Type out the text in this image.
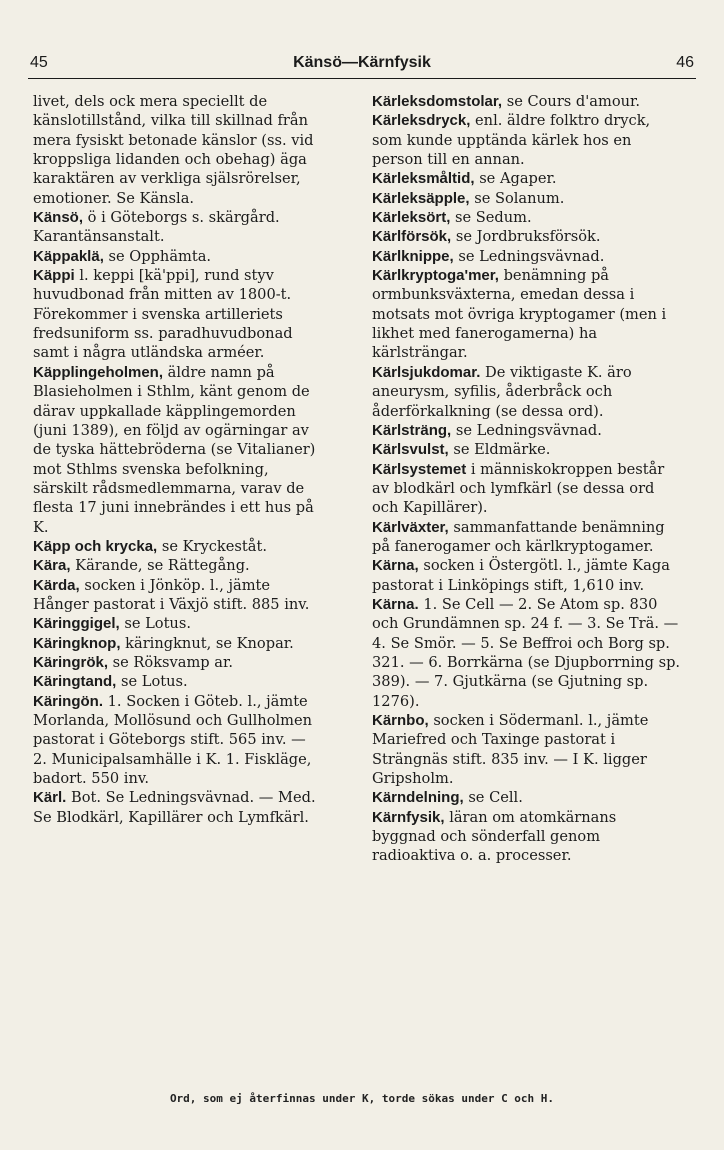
45	Känsö—Kärnfysik	46
livet, dels ock mera speciellt de känslotillstånd, vilka till skillnad från mera fysiskt betonade känslor (ss. vid kroppsliga lidanden och obehag) äga karaktären av verkliga själsrörelser, emotioner. Se Känsla.
Känsö, ö i Göteborgs s. skärgård. Karantänsanstalt.
Käppaklä, se Opphämta.
Käppi l. keppi [kä'ppi], rund styv huvudbonad från mitten av 1800-t. Förekommer i svenska artilleriets fredsuniform ss. paradhuvudbonad samt i några utländska arméer.
Käpplingeholmen, äldre namn på Blasieholmen i Sthlm, känt genom de därav uppkallade käpplingemorden (juni 1389), en följd av ogärningar av de tyska hättebröderna (se Vitalianer) mot Sthlms svenska befolkning, särskilt rådsmedlemmarna, varav de flesta 17 juni innebrändes i ett hus på K.
Käpp och krycka, se Kryckeståt.
Kära, Kärande, se Rättegång.
Kärda, socken i Jönköp. l., jämte Hånger pastorat i Växjö stift. 885 inv.
Käringgigel, se Lotus.
Käringknop, käringknut, se Knopar.
Käringrök, se Röksvamp ar.
Käringtand, se Lotus.
Käringön. 1. Socken i Göteb. l., jämte Morlanda, Mollösund och Gullholmen pastorat i Göteborgs stift. 565 inv. — 2. Municipalsamhälle i K. 1. Fiskläge, badort. 550 inv.
Kärl. Bot. Se Ledningsvävnad. — Med. Se Blodkärl, Kapillärer och Lymfkärl.
Kärleksdomstolar, se Cours d'amour.
Kärleksdryck, enl. äldre folktro dryck, som kunde upptända kärlek hos en person till en annan.
Kärleksmåltid, se Agaper.
Kärleksäpple, se Solanum.
Kärleksört, se Sedum.
Kärlförsök, se Jordbruksförsök.
Kärlknippe, se Ledningsvävnad.
Kärlkryptoga'mer, benämning på ormbunksväxterna, emedan dessa i motsats mot övriga kryptogamer (men i likhet med fanerogamerna) ha kärlsträngar.
Kärlsjukdomar. De viktigaste K. äro aneurysm, syfilis, åderbråck och åderförkalkning (se dessa ord).
Kärlsträng, se Ledningsvävnad.
Kärlsvulst, se Eldmärke.
Kärlsystemet i människokroppen består av blodkärl och lymfkärl (se dessa ord och Kapillärer).
Kärlväxter, sammanfattande benämning på fanerogamer och kärlkryptogamer.
Kärna, socken i Östergötl. l., jämte Kaga pastorat i Linköpings stift, 1,610 inv.
Kärna. 1. Se Cell — 2. Se Atom sp. 830 och Grundämnen sp. 24 f. — 3. Se Trä. — 4. Se Smör. — 5. Se Beffroi och Borg sp. 321. — 6. Borrkärna (se Djupborrning sp. 389). — 7. Gjutkärna (se Gjutning sp. 1276).
Kärnbo, socken i Södermanl. l., jämte Mariefred och Taxinge pastorat i Strängnäs stift. 835 inv. — I K. ligger Gripsholm.
Kärndelning, se Cell.
Kärnfysik, läran om atomkärnans byggnad och sönderfall genom radioaktiva o. a. processer.
Ord, som ej återfinnas under K, torde sökas under C och H.
